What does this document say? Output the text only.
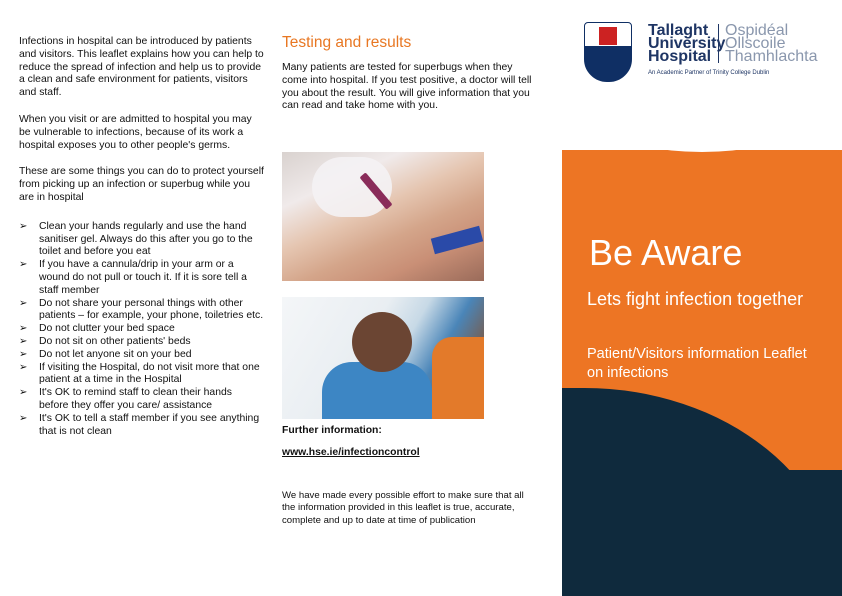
Infections in hospital can be introduced by patients and visitors. This leaflet explains how you can help to reduce the spread of infection and help us to provide a clean and safe environment for patients, visitors and staff.

When you visit or are admitted to hospital you may be vulnerable to infections, because of its work a hospital exposes you to other people's germs.

These are some things you can do to protect yourself from picking up an infection or superbug while you are in hospital

➢ Clean your hands regularly and use the hand sanitiser gel. Always do this after you go to the toilet and before you eat
➢ If you have a cannula/drip in your arm or a wound do not pull or touch it. If it is sore tell a staff member
➢ Do not share your personal things with other patients – for example, your phone, toiletries etc.
➢ Do not clutter your bed space
➢ Do not sit on other patients' beds
➢ Do not let anyone sit on your bed
➢ If visiting the Hospital, do not visit more that one patient at a time in the Hospital
➢ It's OK to remind staff to clean their hands before they offer you care/ assistance
➢ It's OK to tell a staff member if you see anything that is not clean
Testing and results

Many patients are tested for superbugs when they come into hospital. If you test positive, a doctor will tell you about the result. You will give information that you can read and take home with you.

Further information:
www.hse.ie/infectioncontrol
We have made every possible effort to make sure that all the information provided in this leaflet is true, accurate, complete and up to date at time of publication
Tallaght
University
Hospital
Ospidéal
Ollscoile
Thamhlachta
An Academic Partner of Trinity College Dublin
Be Aware

Lets fight infection together

Patient/Visitors information Leaflet on infections
